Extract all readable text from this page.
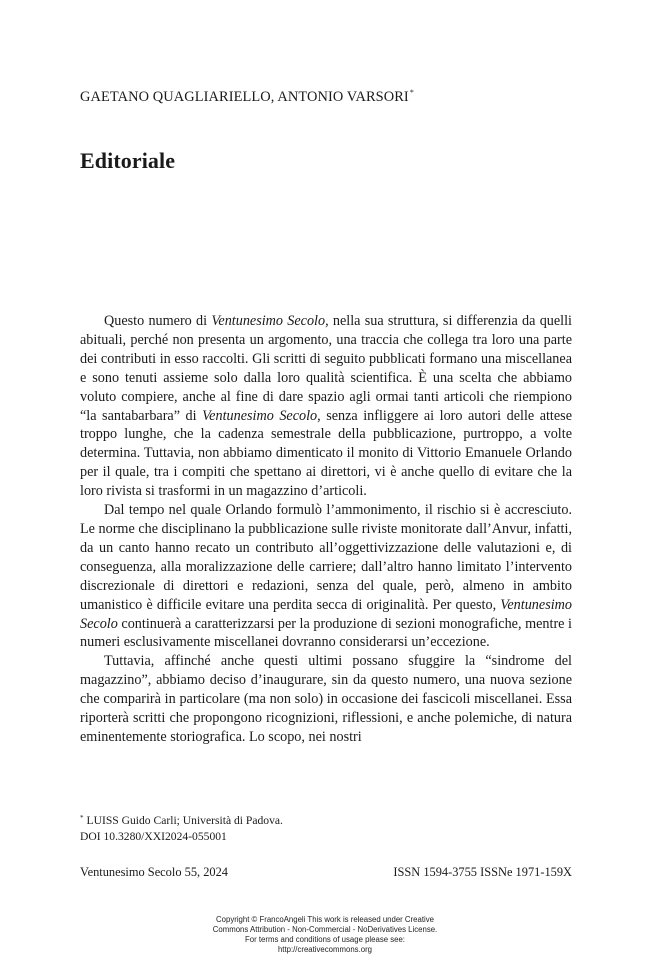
GAETANO QUAGLIARIELLO, ANTONIO VARSORI*
Editoriale

Questo numero di Ventunesimo Secolo, nella sua struttura, si differenzia da quelli abituali, perché non presenta un argomento, una traccia che collega tra loro una parte dei contributi in esso raccolti. Gli scritti di seguito pubblicati formano una miscellanea e sono tenuti assieme solo dalla loro qualità scientifica. È una scelta che abbiamo voluto compiere, anche al fine di dare spazio agli ormai tanti articoli che riempiono “la santabarbara” di Ventunesimo Secolo, senza infliggere ai loro autori delle attese troppo lunghe, che la cadenza semestrale della pubblicazione, purtroppo, a volte determina. Tuttavia, non abbiamo dimenticato il monito di Vittorio Emanuele Orlando per il quale, tra i compiti che spettano ai direttori, vi è anche quello di evitare che la loro rivista si trasformi in un magazzino d’articoli.

Dal tempo nel quale Orlando formulò l’ammonimento, il rischio si è accresciuto. Le norme che disciplinano la pubblicazione sulle riviste monitorate dall’Anvur, infatti, da un canto hanno recato un contributo all’oggettivizzazione delle valutazioni e, di conseguenza, alla moralizzazione delle carriere; dall’altro hanno limitato l’intervento discrezionale di direttori e redazioni, senza del quale, però, almeno in ambito umanistico è difficile evitare una perdita secca di originalità. Per questo, Ventunesimo Secolo continuerà a caratterizzarsi per la produzione di sezioni monografiche, mentre i numeri esclusivamente miscellanei dovranno considerarsi un’eccezione.

Tuttavia, affinché anche questi ultimi possano sfuggire la “sindrome del magazzino”, abbiamo deciso d’inaugurare, sin da questo numero, una nuova sezione che comparirà in particolare (ma non solo) in occasione dei fascicoli miscellanei. Essa riporterà scritti che propongono ricognizioni, riflessioni, e anche polemiche, di natura eminentemente storiografica. Lo scopo, nei nostri

* LUISS Guido Carli; Università di Padova.
DOI 10.3280/XXI2024-055001
Ventunesimo Secolo 55, 2024	ISSN 1594-3755 ISSNe 1971-159X
Copyright © FrancoAngeli This work is released under Creative
Commons Attribution - Non-Commercial - NoDerivatives License.
For terms and conditions of usage please see:
http://creativecommons.org
